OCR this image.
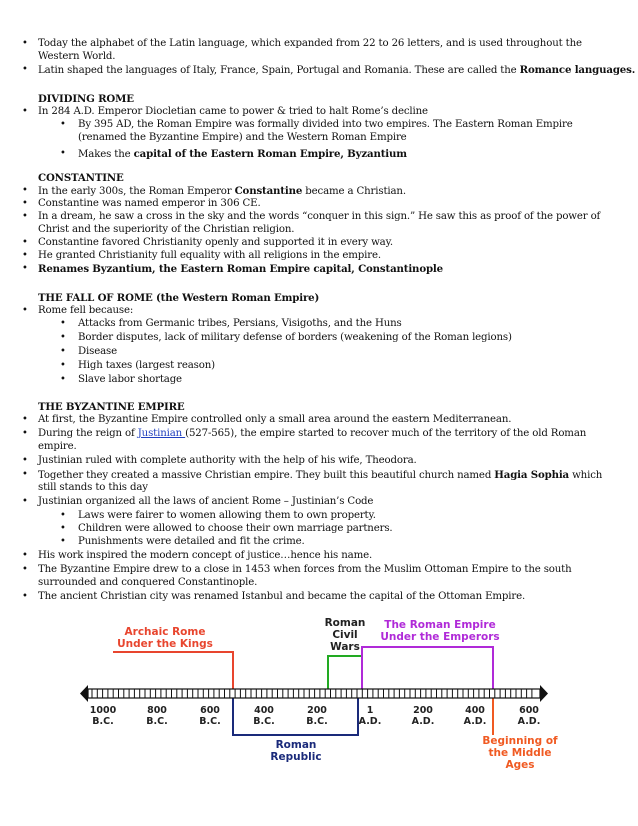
• Today the alphabet of the Latin language, which expanded from 22 to 26 letters, and is used throughout the
Western World.
• Latin shaped the languages of Italy, France, Spain, Portugal and Romania. These are called the Romance languages.
DIVIDING ROME
• In 284 A.D. Emperor Diocletian came to power & tried to halt Rome’s decline
• By 395 AD, the Roman Empire was formally divided into two empires. The Eastern Roman Empire
(renamed the Byzantine Empire) and the Western Roman Empire
• Makes the capital of the Eastern Roman Empire, Byzantium
CONSTANTINE
• In the early 300s, the Roman Emperor Constantine became a Christian.
• Constantine was named emperor in 306 CE.
• In a dream, he saw a cross in the sky and the words “conquer in this sign.” He saw this as proof of the power of
Christ and the superiority of the Christian religion.
• Constantine favored Christianity openly and supported it in every way.
• He granted Christianity full equality with all religions in the empire.
• Renames Byzantium, the Eastern Roman Empire capital, Constantinople
THE FALL OF ROME (the Western Roman Empire)
• Rome fell because:
• Attacks from Germanic tribes, Persians, Visigoths, and the Huns
• Border disputes, lack of military defense of borders (weakening of the Roman legions)
• Disease
• High taxes (largest reason)
• Slave labor shortage
THE BYZANTINE EMPIRE
• At first, the Byzantine Empire controlled only a small area around the eastern Mediterranean.
• During the reign of Justinian (527-565), the empire started to recover much of the territory of the old Roman
empire.
• Justinian ruled with complete authority with the help of his wife, Theodora.
• Together they created a massive Christian empire. They built this beautiful church named Hagia Sophia which
still stands to this day
• Justinian organized all the laws of ancient Rome – Justinian’s Code
• Laws were fairer to women allowing them to own property.
• Children were allowed to choose their own marriage partners.
• Punishments were detailed and fit the crime.
• His work inspired the modern concept of justice…hence his name.
• The Byzantine Empire drew to a close in 1453 when forces from the Muslim Ottoman Empire to the south
surrounded and conquered Constantinople.
• The ancient Christian city was renamed Istanbul and became the capital of the Ottoman Empire.
1000
B.C.
800
B.C.
600
B.C.
400
B.C.
200
B.C.
1
A.D.
200
A.D.
400
A.D.
600
A.D.
Archaic Rome
Under the Kings
Roman
Civil
Wars
The Roman Empire
Under the Emperors
Roman
Republic
Beginning of
the Middle
Ages
